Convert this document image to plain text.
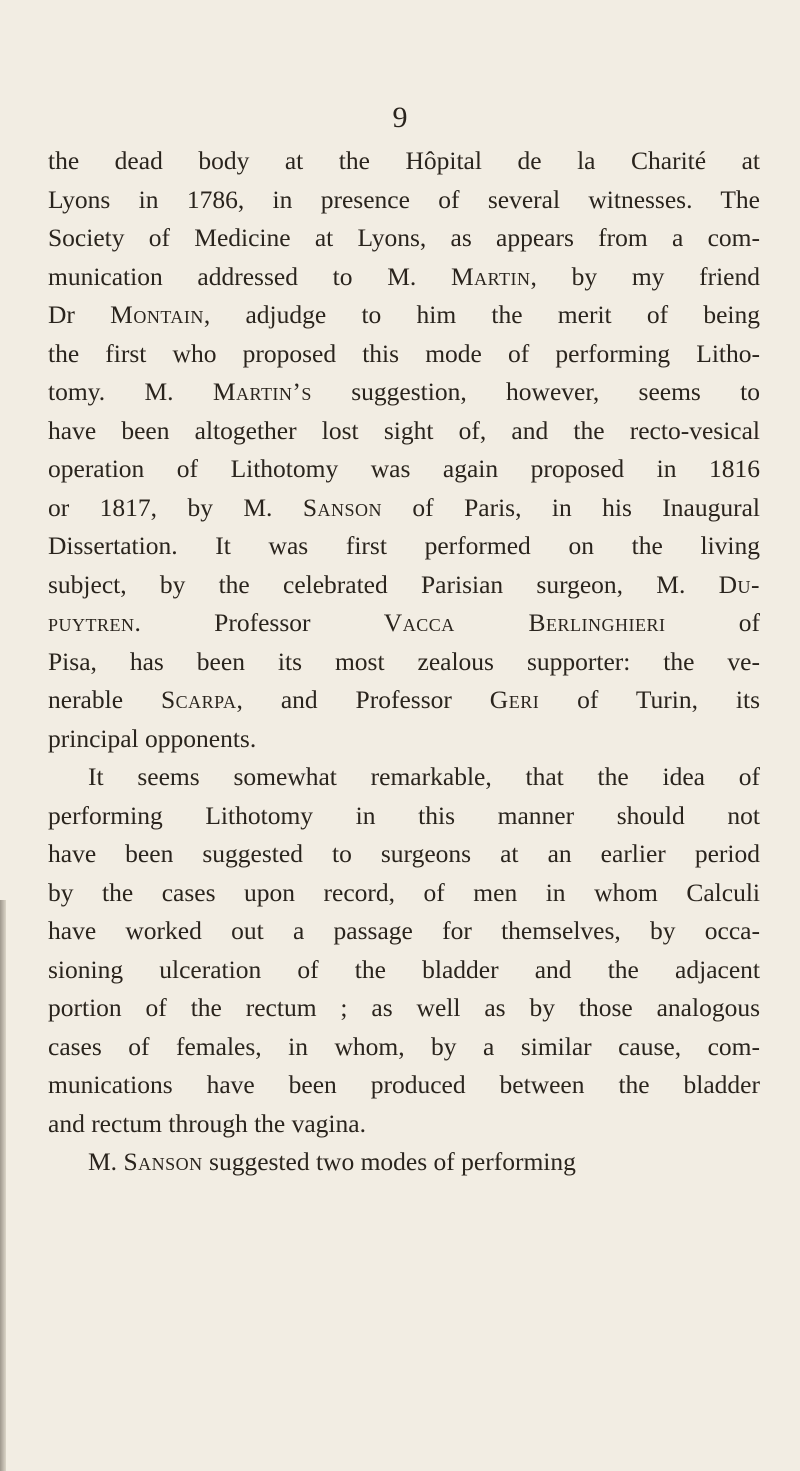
9
the dead body at the Hôpital de la Charité at
Lyons in 1786, in presence of several witnesses. The
Society of Medicine at Lyons, as appears from a com-
munication addressed to M. Martin, by my friend
Dr Montain, adjudge to him the merit of being
the first who proposed this mode of performing Litho-
tomy. M. Martin’s suggestion, however, seems to
have been altogether lost sight of, and the recto-vesical
operation of Lithotomy was again proposed in 1816
or 1817, by M. Sanson of Paris, in his Inaugural
Dissertation. It was first performed on the living
subject, by the celebrated Parisian surgeon, M. Du-
puytren. Professor Vacca Berlinghieri of
Pisa, has been its most zealous supporter: the ve-
nerable Scarpa, and Professor Geri of Turin, its
principal opponents.
It seems somewhat remarkable, that the idea of
performing Lithotomy in this manner should not
have been suggested to surgeons at an earlier period
by the cases upon record, of men in whom Calculi
have worked out a passage for themselves, by occa-
sioning ulceration of the bladder and the adjacent
portion of the rectum ; as well as by those analogous
cases of females, in whom, by a similar cause, com-
munications have been produced between the bladder
and rectum through the vagina.
M. Sanson suggested two modes of performing
